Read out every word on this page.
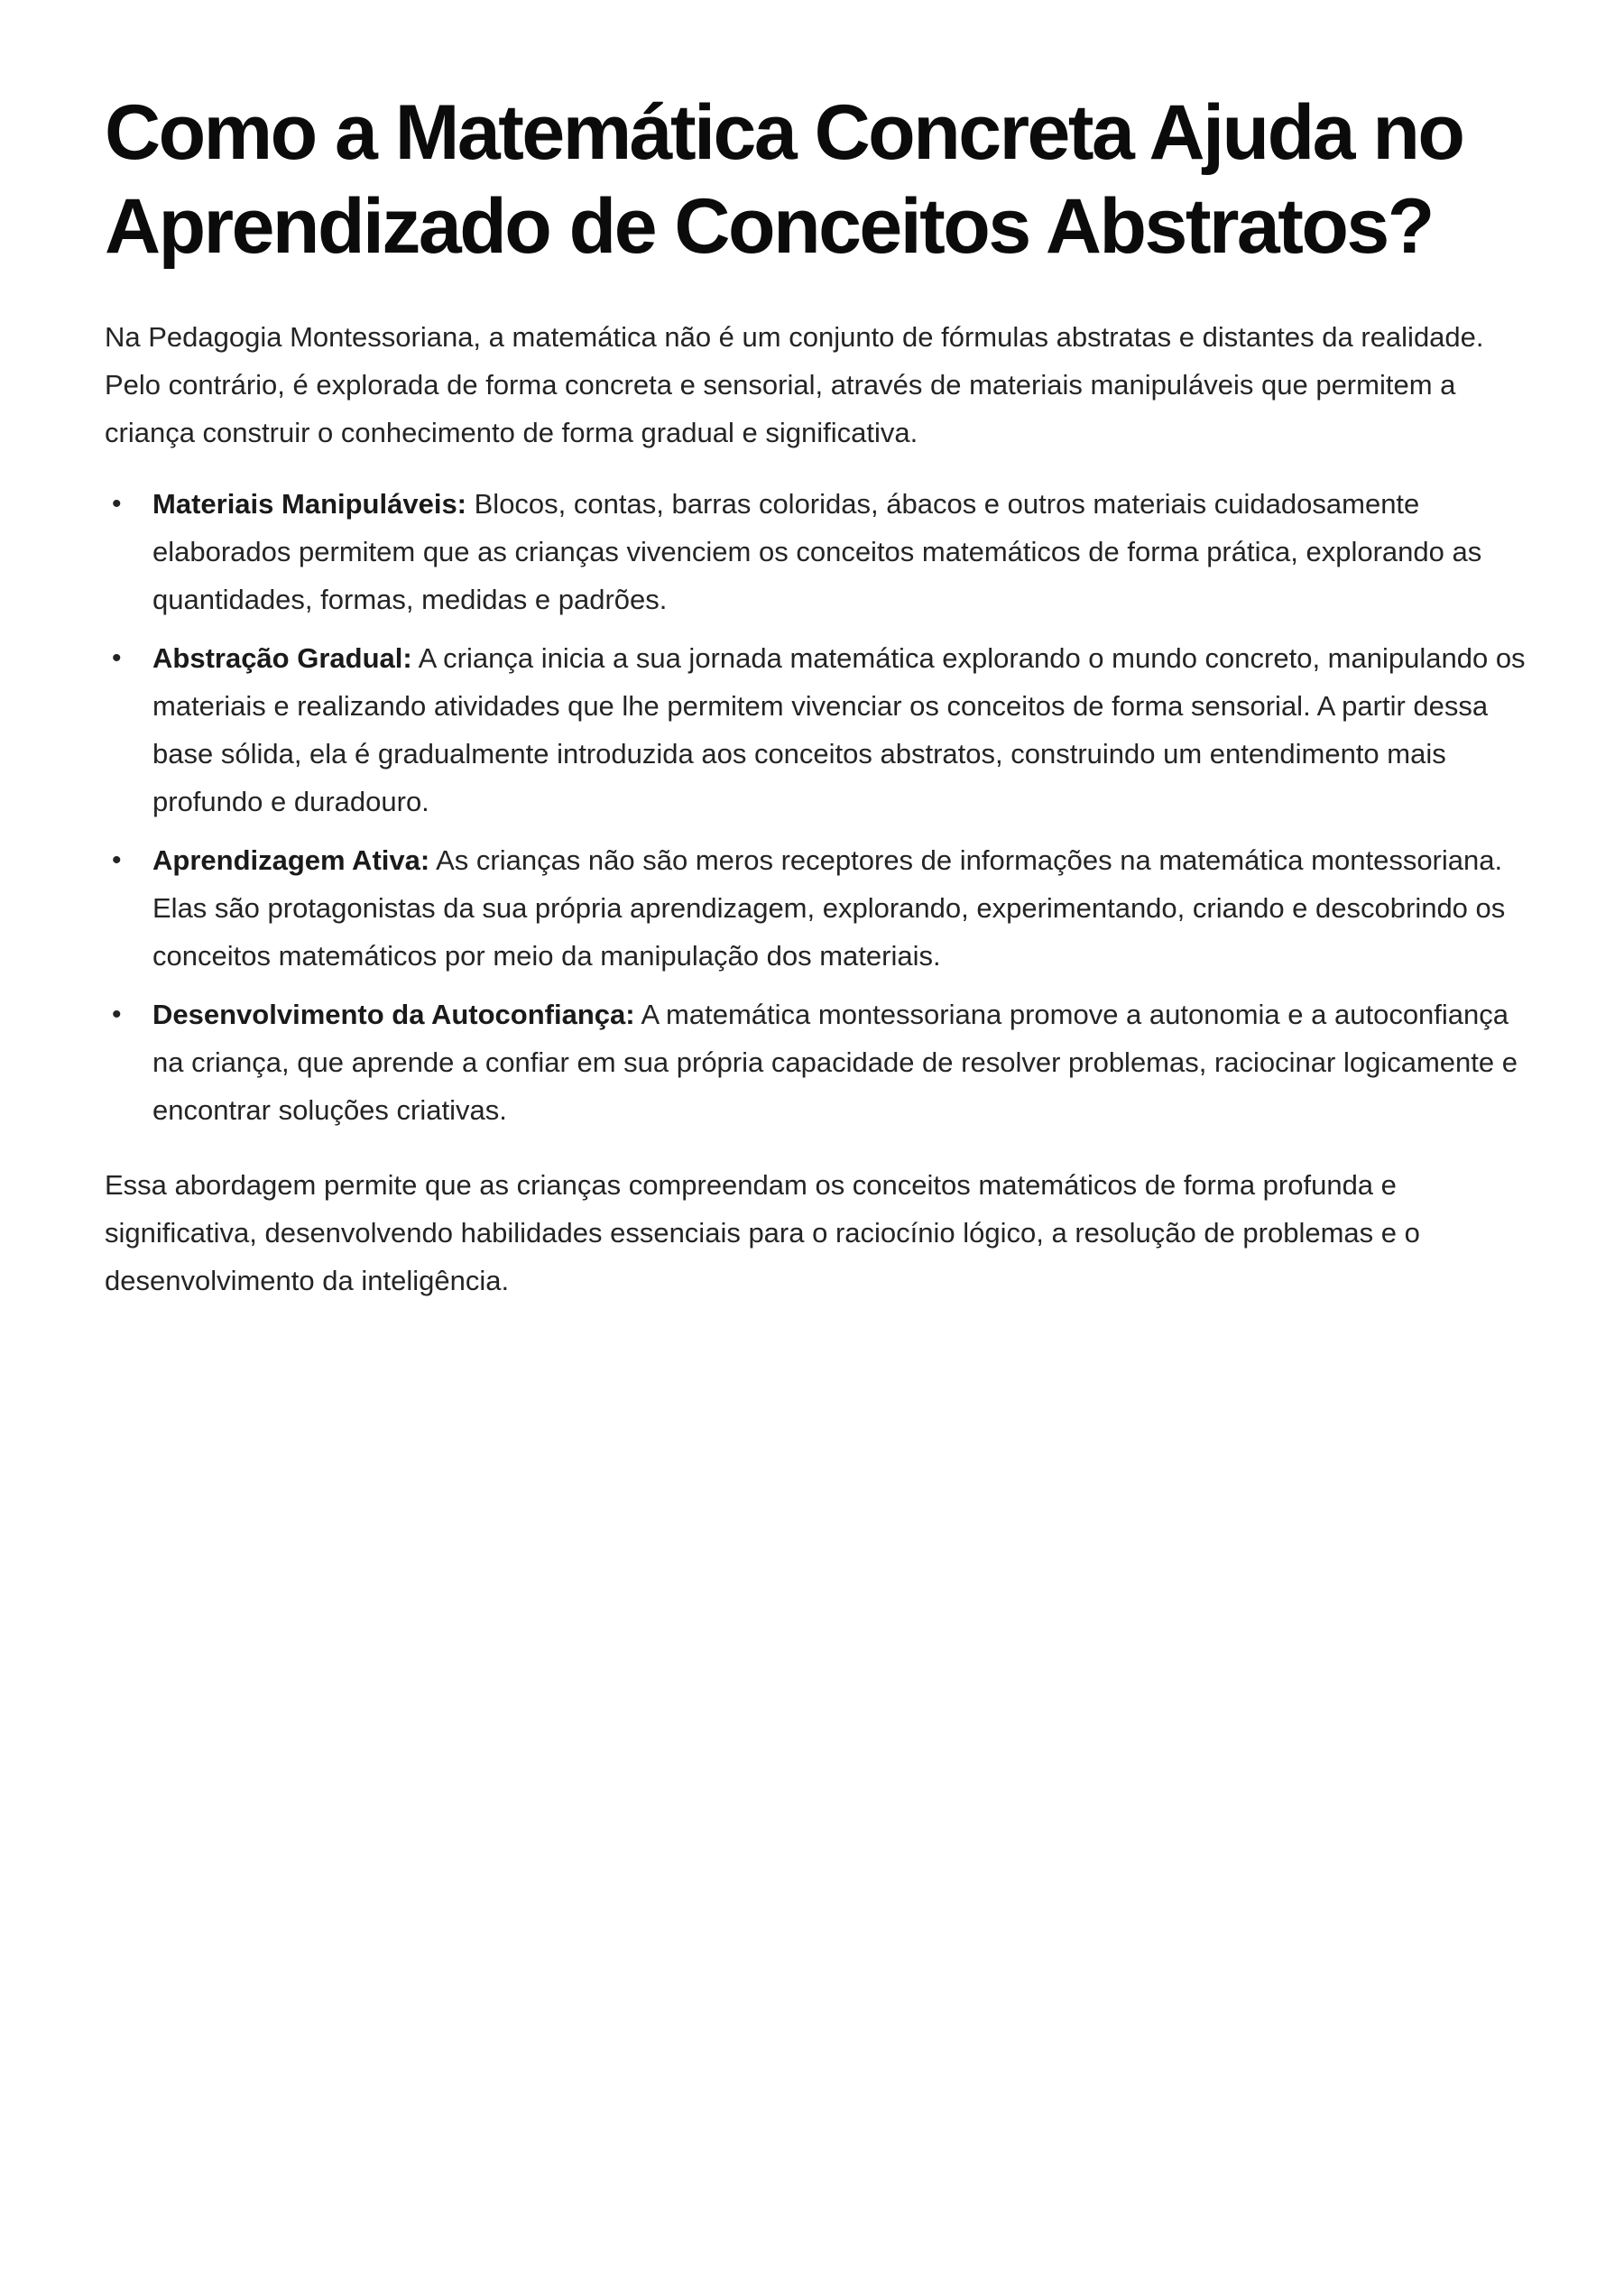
Como a Matemática Concreta Ajuda no Aprendizado de Conceitos Abstratos?

Na Pedagogia Montessoriana, a matemática não é um conjunto de fórmulas abstratas e distantes da realidade. Pelo contrário, é explorada de forma concreta e sensorial, através de materiais manipuláveis que permitem a criança construir o conhecimento de forma gradual e significativa.

• Materiais Manipuláveis: Blocos, contas, barras coloridas, ábacos e outros materiais cuidadosamente elaborados permitem que as crianças vivenciem os conceitos matemáticos de forma prática, explorando as quantidades, formas, medidas e padrões.
• Abstração Gradual: A criança inicia a sua jornada matemática explorando o mundo concreto, manipulando os materiais e realizando atividades que lhe permitem vivenciar os conceitos de forma sensorial. A partir dessa base sólida, ela é gradualmente introduzida aos conceitos abstratos, construindo um entendimento mais profundo e duradouro.
• Aprendizagem Ativa: As crianças não são meros receptores de informações na matemática montessoriana. Elas são protagonistas da sua própria aprendizagem, explorando, experimentando, criando e descobrindo os conceitos matemáticos por meio da manipulação dos materiais.
• Desenvolvimento da Autoconfiança: A matemática montessoriana promove a autonomia e a autoconfiança na criança, que aprende a confiar em sua própria capacidade de resolver problemas, raciocinar logicamente e encontrar soluções criativas.

Essa abordagem permite que as crianças compreendam os conceitos matemáticos de forma profunda e significativa, desenvolvendo habilidades essenciais para o raciocínio lógico, a resolução de problemas e o desenvolvimento da inteligência.
